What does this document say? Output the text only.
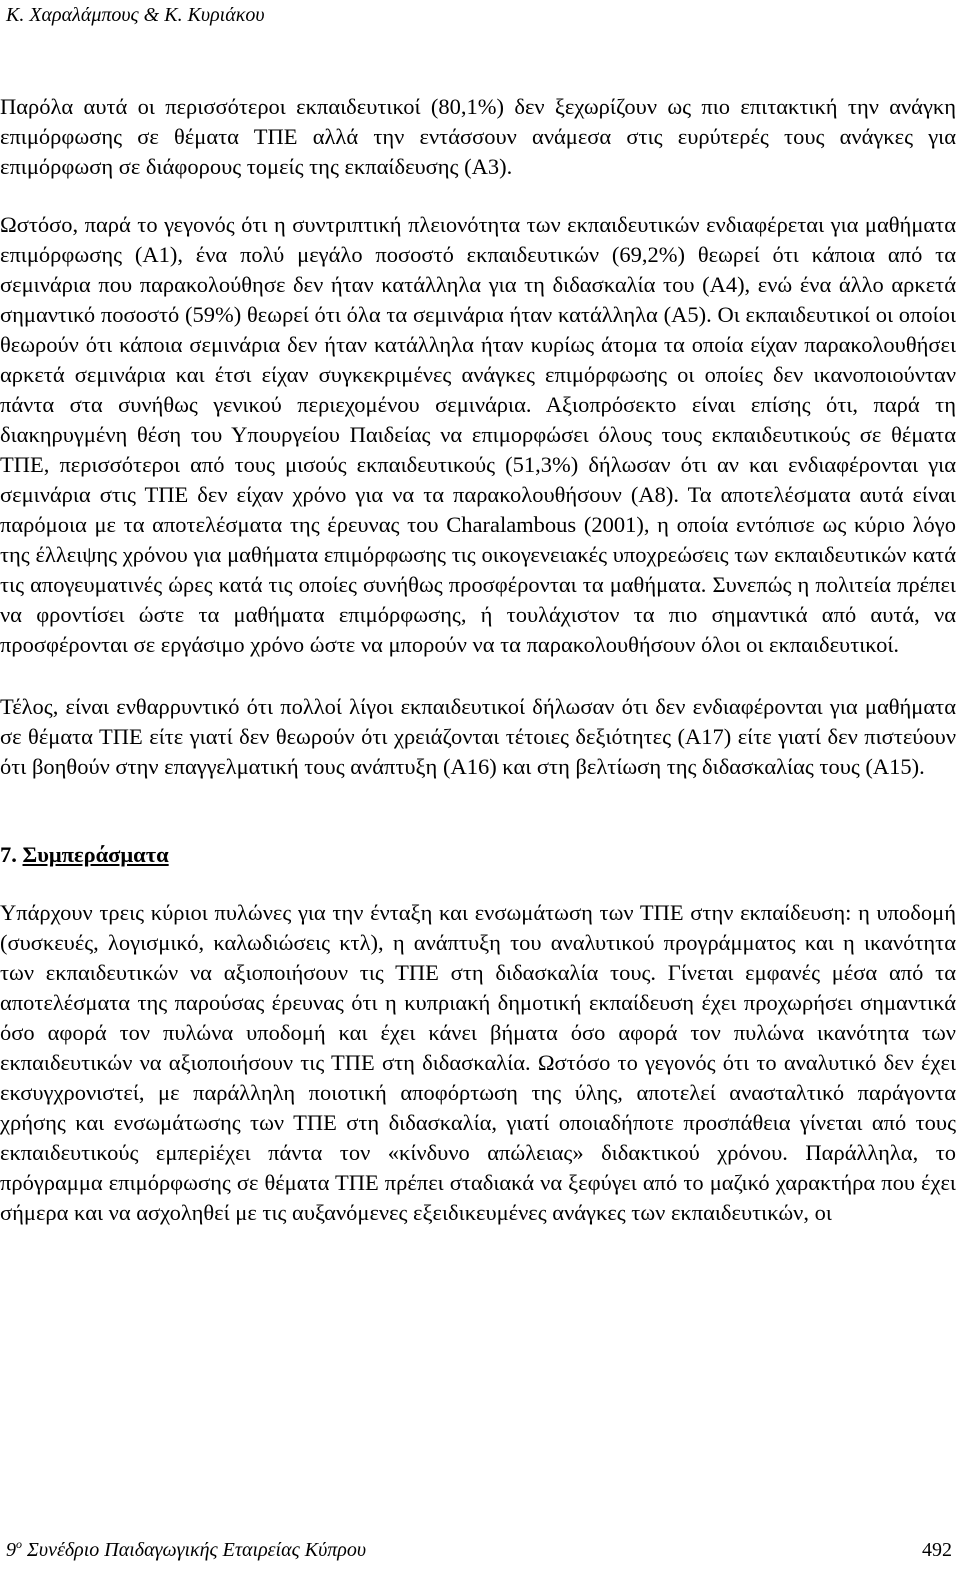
Κ. Χαραλάμπους & Κ. Κυριάκου

Παρόλα αυτά οι περισσότεροι εκπαιδευτικοί (80,1%) δεν ξεχωρίζουν ως πιο επιτακτική την ανάγκη επιμόρφωσης σε θέματα ΤΠΕ αλλά την εντάσσουν ανάμεσα στις ευρύτερές τους ανάγκες για επιμόρφωση σε διάφορους τομείς της εκπαίδευσης (Α3).

Ωστόσο, παρά το γεγονός ότι η συντριπτική πλειονότητα των εκπαιδευτικών ενδιαφέρεται για μαθήματα επιμόρφωσης (Α1), ένα πολύ μεγάλο ποσοστό εκπαιδευτικών (69,2%) θεωρεί ότι κάποια από τα σεμινάρια που παρακολούθησε δεν ήταν κατάλληλα για τη διδασκαλία του (Α4), ενώ ένα άλλο αρκετά σημαντικό ποσοστό (59%) θεωρεί ότι όλα τα σεμινάρια ήταν κατάλληλα (Α5). Οι εκπαιδευτικοί οι οποίοι θεωρούν ότι κάποια σεμινάρια δεν ήταν κατάλληλα ήταν κυρίως άτομα τα οποία είχαν παρακολουθήσει αρκετά σεμινάρια και έτσι είχαν συγκεκριμένες ανάγκες επιμόρφωσης οι οποίες δεν ικανοποιούνταν πάντα στα συνήθως γενικού περιεχομένου σεμινάρια. Αξιοπρόσεκτο είναι επίσης ότι, παρά τη διακηρυγμένη θέση του Υπουργείου Παιδείας να επιμορφώσει όλους τους εκπαιδευτικούς σε θέματα ΤΠΕ, περισσότεροι από τους μισούς εκπαιδευτικούς (51,3%) δήλωσαν ότι αν και ενδιαφέρονται για σεμινάρια στις ΤΠΕ δεν είχαν χρόνο για να τα παρακολουθήσουν (Α8). Τα αποτελέσματα αυτά είναι παρόμοια με τα αποτελέσματα της έρευνας του Charalambous (2001), η οποία εντόπισε ως κύριο λόγο της έλλειψης χρόνου για μαθήματα επιμόρφωσης τις οικογενειακές υποχρεώσεις των εκπαιδευτικών κατά τις απογευματινές ώρες κατά τις οποίες συνήθως προσφέρονται τα μαθήματα. Συνεπώς η πολιτεία πρέπει να φροντίσει ώστε τα μαθήματα επιμόρφωσης, ή τουλάχιστον τα πιο σημαντικά από αυτά, να προσφέρονται σε εργάσιμο χρόνο ώστε να μπορούν να τα παρακολουθήσουν όλοι οι εκπαιδευτικοί.

Τέλος, είναι ενθαρρυντικό ότι πολλοί λίγοι εκπαιδευτικοί δήλωσαν ότι δεν ενδιαφέρονται για μαθήματα σε θέματα ΤΠΕ είτε γιατί δεν θεωρούν ότι χρειάζονται τέτοιες δεξιότητες (Α17) είτε γιατί δεν πιστεύουν ότι βοηθούν στην επαγγελματική τους ανάπτυξη (Α16) και στη βελτίωση της διδασκαλίας τους (Α15).

7. Συμπεράσματα

Υπάρχουν τρεις κύριοι πυλώνες για την ένταξη και ενσωμάτωση των ΤΠΕ στην εκπαίδευση: η υποδομή (συσκευές, λογισμικό, καλωδιώσεις κτλ), η ανάπτυξη του αναλυτικού προγράμματος και η ικανότητα των εκπαιδευτικών να αξιοποιήσουν τις ΤΠΕ στη διδασκαλία τους. Γίνεται εμφανές μέσα από τα αποτελέσματα της παρούσας έρευνας ότι η κυπριακή δημοτική εκπαίδευση έχει προχωρήσει σημαντικά όσο αφορά τον πυλώνα υποδομή και έχει κάνει βήματα όσο αφορά τον πυλώνα ικανότητα των εκπαιδευτικών να αξιοποιήσουν τις ΤΠΕ στη διδασκαλία. Ωστόσο το γεγονός ότι το αναλυτικό δεν έχει εκσυγχρονιστεί, με παράλληλη ποιοτική αποφόρτωση της ύλης, αποτελεί ανασταλτικό παράγοντα χρήσης και ενσωμάτωσης των ΤΠΕ στη διδασκαλία, γιατί οποιαδήποτε προσπάθεια γίνεται από τους εκπαιδευτικούς εμπερiέχει πάντα τον «κίνδυνο απώλειας» διδακτικού χρόνου. Παράλληλα, το πρόγραμμα επιμόρφωσης σε θέματα ΤΠΕ πρέπει σταδιακά να ξεφύγει από το μαζικό χαρακτήρα που έχει σήμερα και να ασχοληθεί με τις αυξανόμενες εξειδικευμένες ανάγκες των εκπαιδευτικών, οι

$9^o$ Συνέδριο Παιδαγωγικής Εταιρείας Κύπρου	492
